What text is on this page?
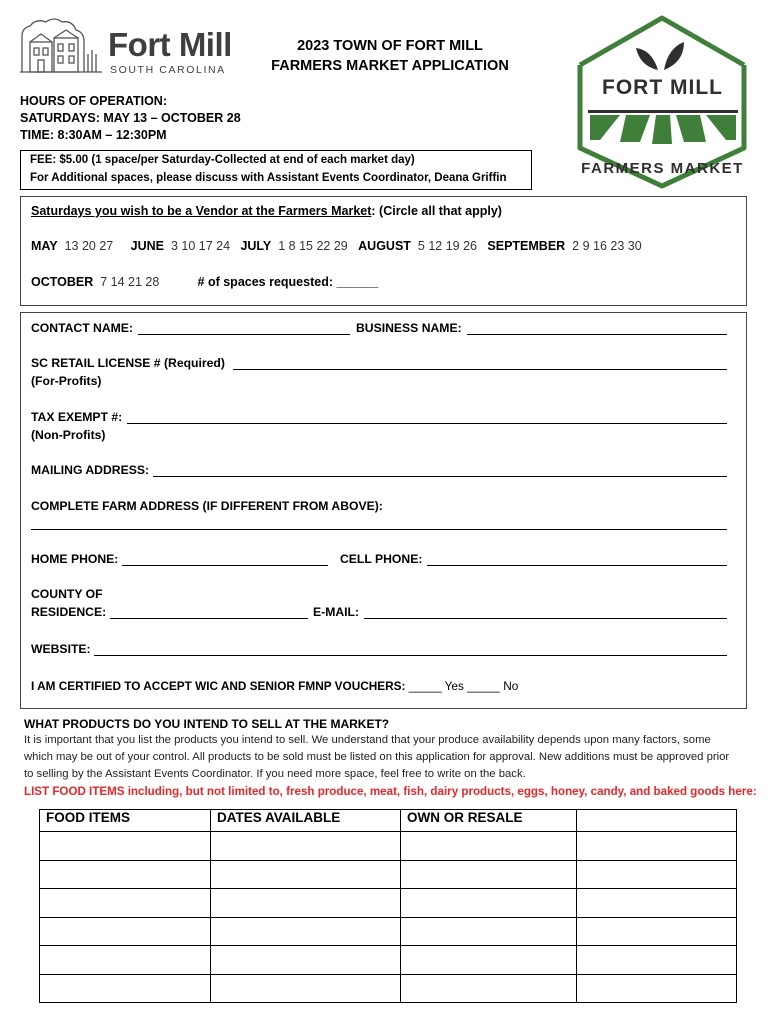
Fort Mill
SOUTH CAROLINA
2023 TOWN OF FORT MILL
FARMERS MARKET APPLICATION
FORT MILL
FARMERS MARKET
HOURS OF OPERATION:
SATURDAYS: MAY 13 – OCTOBER 28
TIME: 8:30AM – 12:30PM
FEE: $5.00 (1 space/per Saturday-Collected at end of each market day)
For Additional spaces, please discuss with Assistant Events Coordinator, Deana Griffin
Saturdays you wish to be a Vendor at the Farmers Market: (Circle all that apply)
MAY 13 20 27 JUNE 3 10 17 24 JULY 1 8 15 22 29 AUGUST 5 12 19 26 SEPTEMBER 2 9 16 23 30
OCTOBER 7 14 21 28	# of spaces requested: ______
CONTACT NAME:	BUSINESS NAME:
SC RETAIL LICENSE # (Required)
(For-Profits)
TAX EXEMPT #:
(Non-Profits)
MAILING ADDRESS:
COMPLETE FARM ADDRESS (IF DIFFERENT FROM ABOVE):
HOME PHONE:	CELL PHONE:
COUNTY OF
RESIDENCE:	E-MAIL:
WEBSITE:
I AM CERTIFIED TO ACCEPT WIC AND SENIOR FMNP VOUCHERS: _____ Yes _____ No
WHAT PRODUCTS DO YOU INTEND TO SELL AT THE MARKET?
It is important that you list the products you intend to sell. We understand that your produce availability depends upon many factors, some
which may be out of your control. All products to be sold must be listed on this application for approval. New additions must be approved prior
to selling by the Assistant Events Coordinator. If you need more space, feel free to write on the back.
LIST FOOD ITEMS including, but not limited to, fresh produce, meat, fish, dairy products, eggs, honey, candy, and baked goods here:
FOOD ITEMS	DATES AVAILABLE	OWN OR RESALE	
